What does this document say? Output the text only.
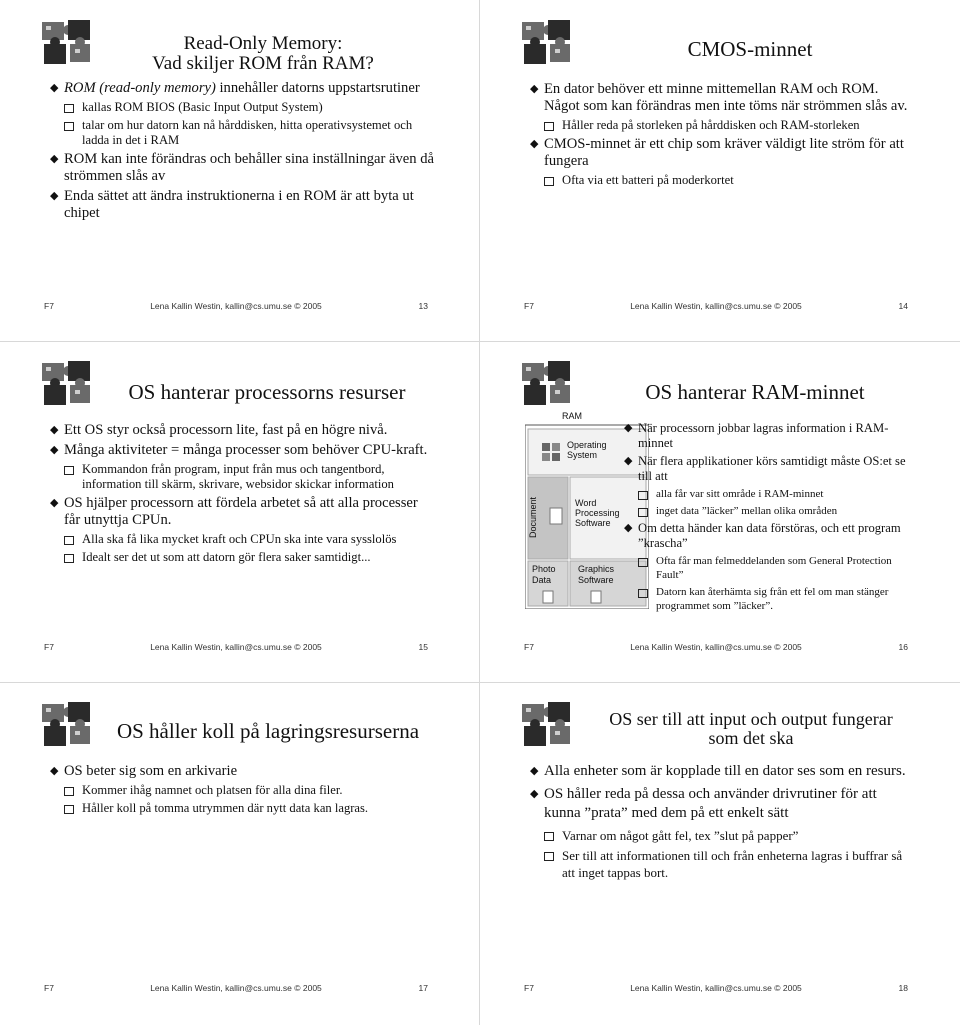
Read-Only Memory:
Vad skiljer ROM från RAM?
◆ ROM (read-only memory) innehåller datorns uppstartsrutiner
kallas ROM BIOS (Basic Input Output System)
talar om hur datorn kan nå hårddisken, hitta operativsystemet och ladda in det i RAM
◆ ROM kan inte förändras och behåller sina inställningar även då strömmen slås av
◆ Enda sättet att ändra instruktionerna i en ROM är att byta ut chipet
F7	Lena Kallin Westin, kallin@cs.umu.se © 2005	13
CMOS-minnet
◆ En dator behöver ett minne mittemellan RAM och ROM. Något som kan förändras men inte töms när strömmen slås av.
Håller reda på storleken på hårddisken och RAM-storleken
◆ CMOS-minnet är ett chip som kräver väldigt lite ström för att fungera
Ofta via ett batteri på moderkortet
F7	Lena Kallin Westin, kallin@cs.umu.se © 2005	14
OS hanterar processorns resurser
◆ Ett OS styr också processorn lite, fast på en högre nivå.
◆ Många aktiviteter = många processer som behöver CPU-kraft.
Kommandon från program, input från mus och tangentbord, information till skärm, skrivare, websidor skickar information
◆ OS hjälper processorn att fördela arbetet så att alla processer får utnyttja CPUn.
Alla ska få lika mycket kraft och CPUn ska inte vara sysslolös
Idealt ser det ut som att datorn gör flera saker samtidigt...
F7	Lena Kallin Westin, kallin@cs.umu.se © 2005	15
OS hanterar RAM-minnet
RAM
Operating
System
Document	Word
Processing
Software
Photo
Data
Graphics
Software
◆ När processorn jobbar lagras information i RAM-minnet
◆ När flera applikationer körs samtidigt måste OS:et se till att
alla får var sitt område i RAM-minnet
inget data ”läcker” mellan olika områden
◆ Om detta händer kan data förstöras, och ett program ”krascha”
Ofta får man felmeddelanden som General Protection Fault”
Datorn kan återhämta sig från ett fel om man stänger programmet som ”läcker”.
F7	Lena Kallin Westin, kallin@cs.umu.se © 2005	16
OS håller koll på lagringsresurserna
◆ OS beter sig som en arkivarie
Kommer ihåg namnet och platsen för alla dina filer.
Håller koll på tomma utrymmen där nytt data kan lagras.
F7	Lena Kallin Westin, kallin@cs.umu.se © 2005	17
OS ser till att input och output fungerar
som det ska
◆ Alla enheter som är kopplade till en dator ses som en resurs.
◆ OS håller reda på dessa och använder drivrutiner för att kunna ”prata” med dem på ett enkelt sätt
Varnar om något gått fel, tex ”slut på papper”
Ser till att informationen till och från enheterna lagras i buffrar så att inget tappas bort.
F7	Lena Kallin Westin, kallin@cs.umu.se © 2005	18
